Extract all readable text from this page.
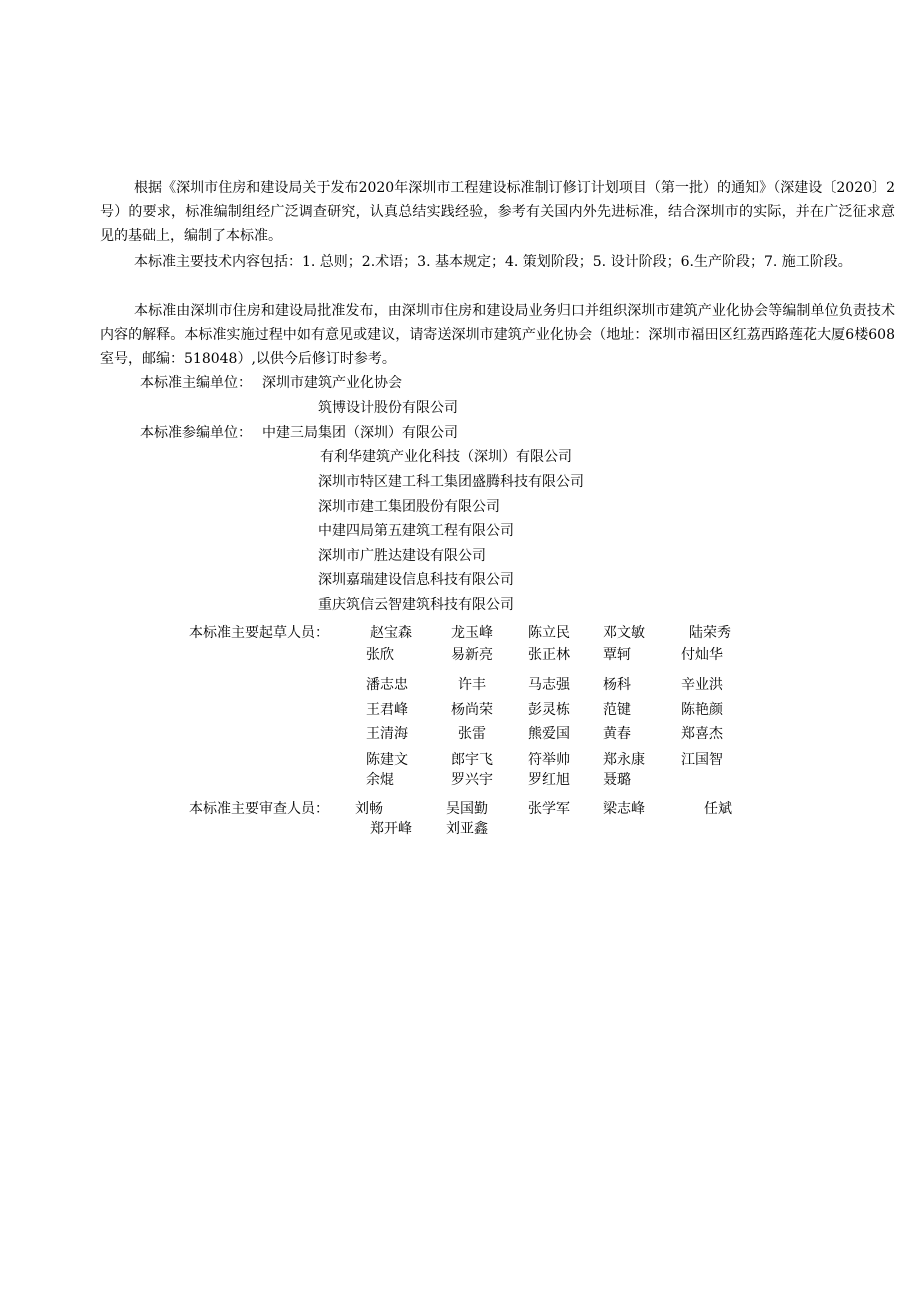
根据《深圳市住房和建设局关于发布2020年深圳市工程建设标准制订修订计划项目（第一批）的通知》（深建设〔2020〕2号）的要求，标准编制组经广泛调查研究，认真总结实践经验，参考有关国内外先进标准，结合深圳市的实际，并在广泛征求意见的基础上，编制了本标准。

本标准主要技术内容包括：1. 总则；2.术语；3. 基本规定；4. 策划阶段；5. 设计阶段；6.生产阶段；7. 施工阶段。

本标准由深圳市住房和建设局批准发布，由深圳市住房和建设局业务归口并组织深圳市建筑产业化协会等编制单位负责技术内容的解释。本标准实施过程中如有意见或建议，请寄送深圳市建筑产业化协会（地址：深圳市福田区红荔西路莲花大厦6楼608室号，邮编：518048）,以供今后修订时参考。

本标准主编单位： 深圳市建筑产业化协会
筑博设计股份有限公司
本标准参编单位： 中建三局集团（深圳）有限公司
有利华建筑产业化科技（深圳）有限公司
深圳市特区建工科工集团盛腾科技有限公司
深圳市建工集团股份有限公司
中建四局第五建筑工程有限公司
深圳市广胜达建设有限公司
深圳嘉瑞建设信息科技有限公司
重庆筑信云智建筑科技有限公司
本标准主要起草人员：	赵宝森	龙玉峰	陈立民 邓文敏	陆荣秀
张欣	易新亮	张正林 覃轲	付灿华
潘志忠	许丰	马志强 杨科	辛业洪
王君峰	杨尚荣	彭灵栋 范键	陈艳颜
王清海	张雷	熊爱国 黄春	郑喜杰
陈建文	郎宇飞	符举帅 郑永康	江国智
余焜	罗兴宇	罗红旭 聂璐
本标准主要审查人员： 刘畅	吴国勤	张学军 梁志峰	任斌
郑开峰 刘亚鑫
